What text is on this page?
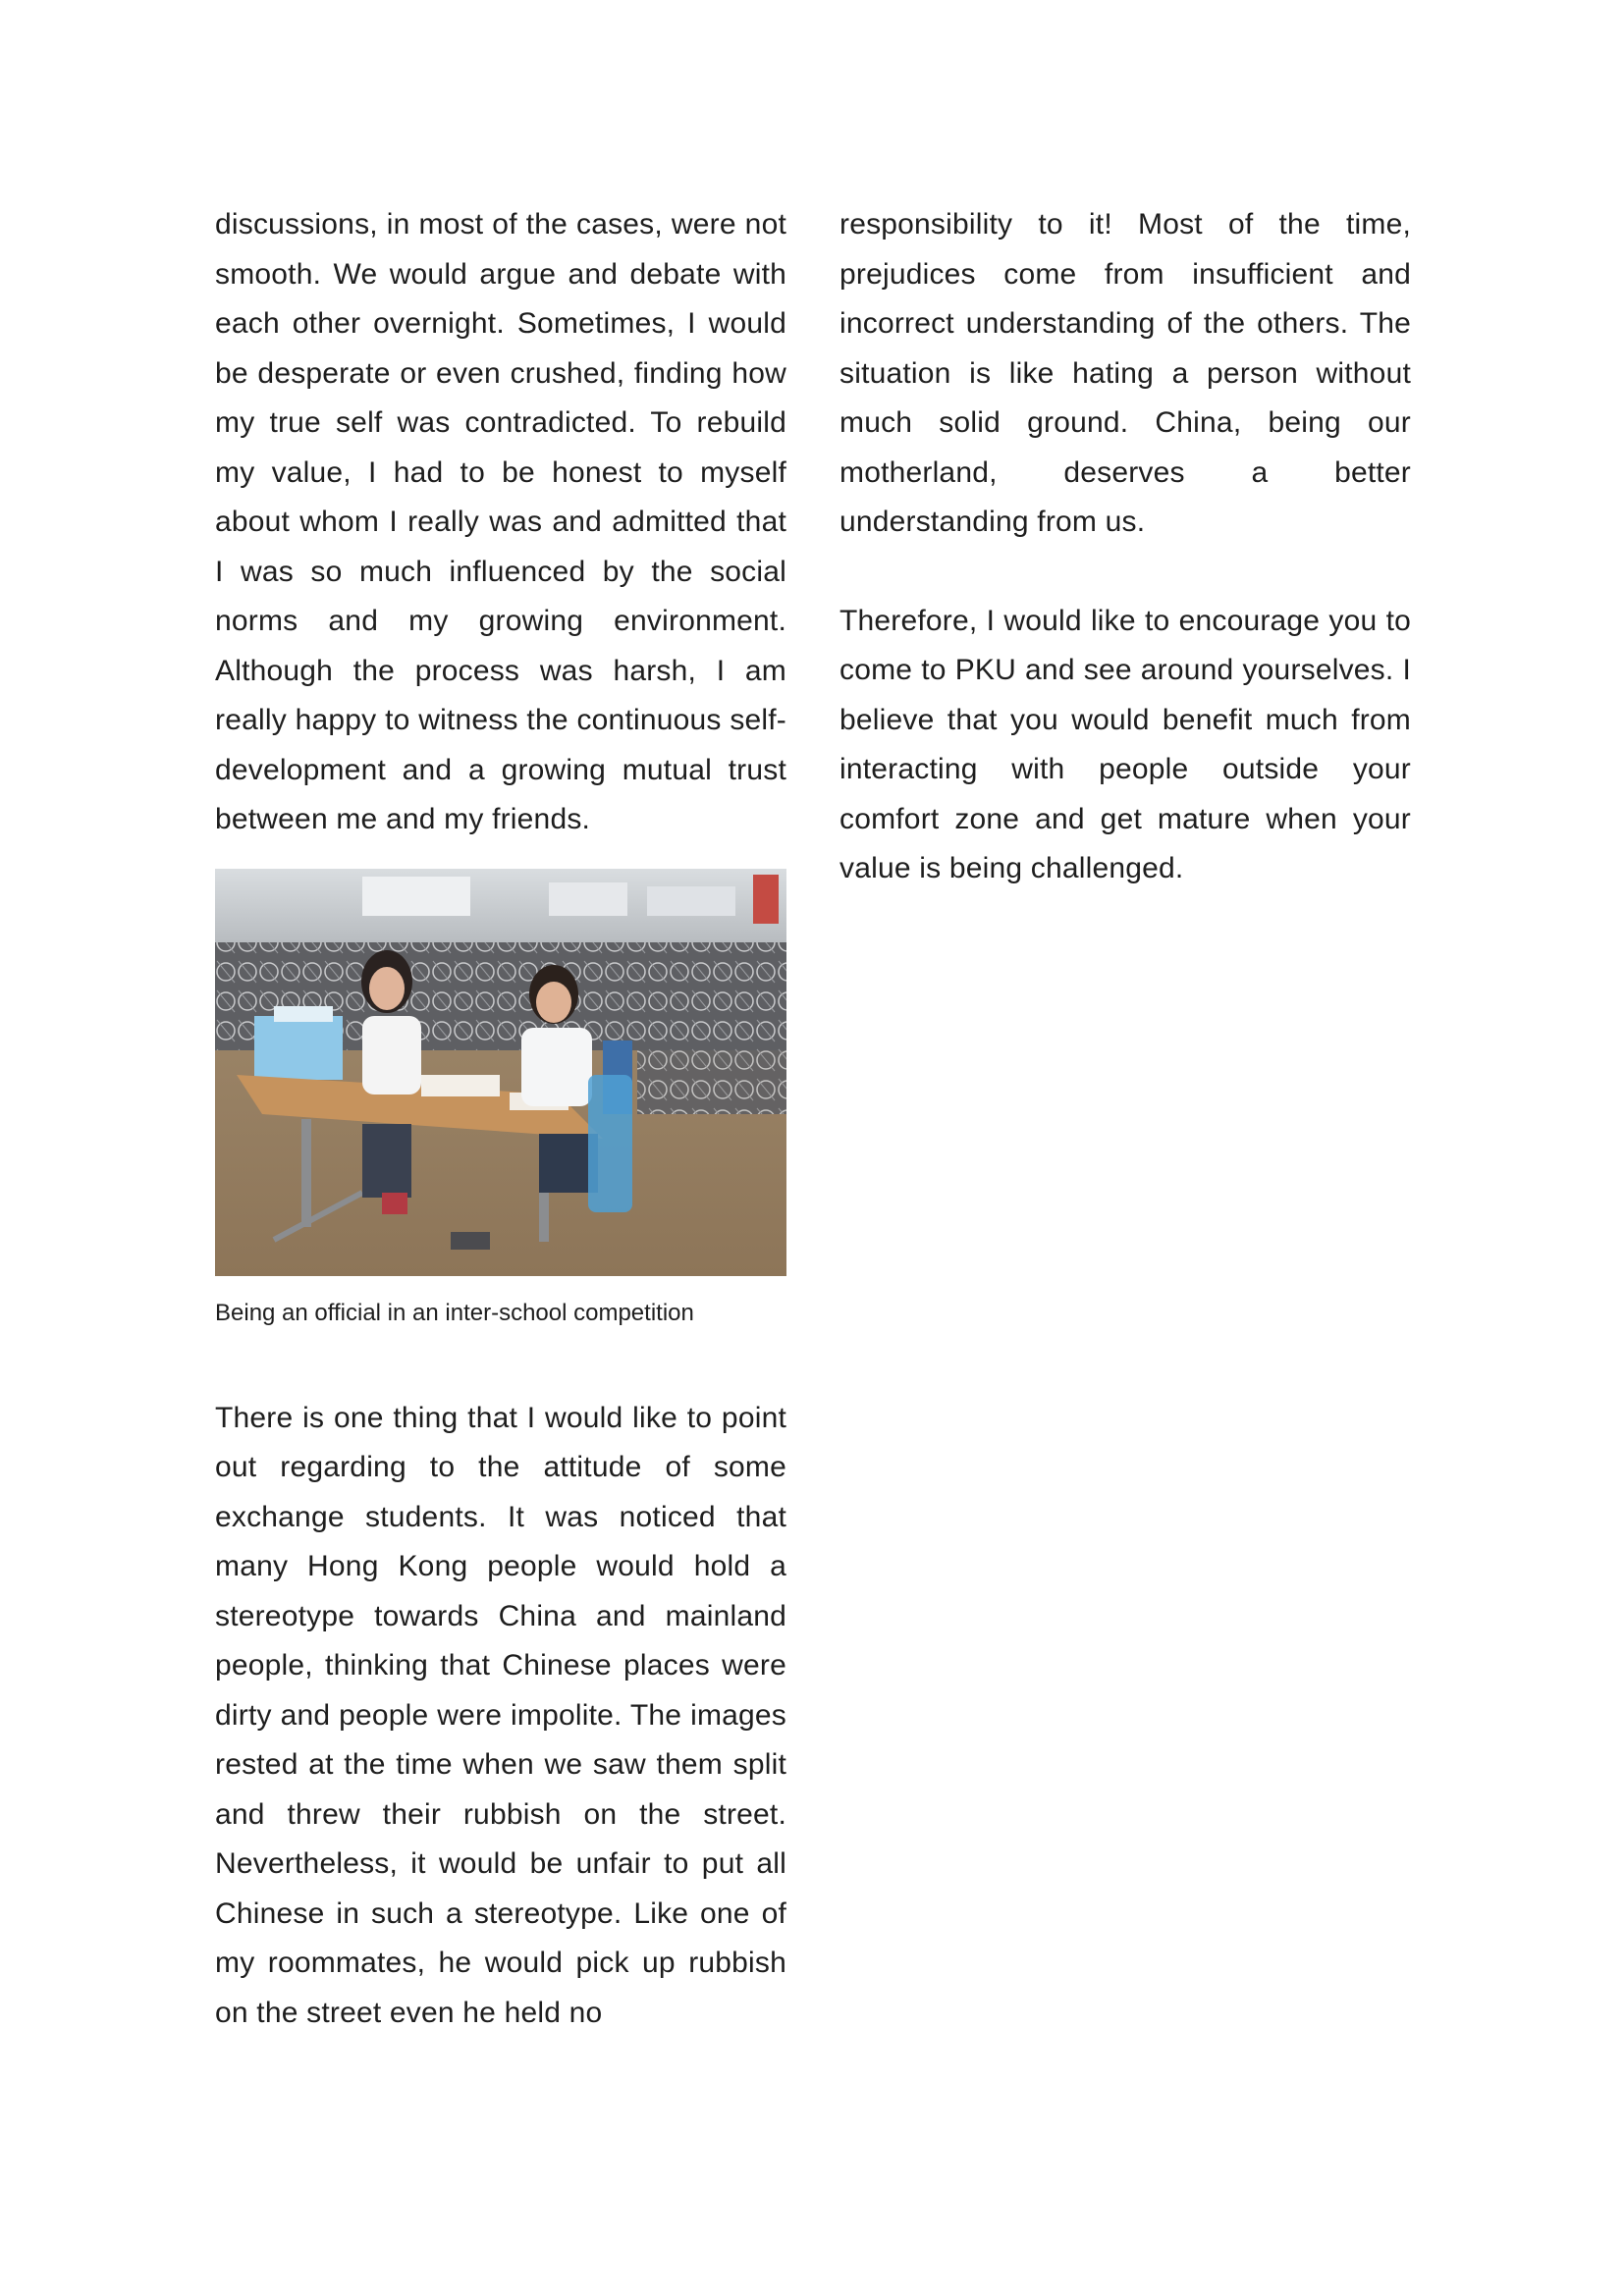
discussions, in most of the cases, were not smooth. We would argue and debate with each other overnight. Sometimes, I would be desperate or even crushed, finding how my true self was contradicted. To rebuild my value, I had to be honest to myself about whom I really was and admitted that I was so much influenced by the social norms and my growing environment. Although the process was harsh, I am really happy to witness the continuous self-development and a growing mutual trust between me and my friends.

Being an official in an inter-school competition

There is one thing that I would like to point out regarding to the attitude of some exchange students. It was noticed that many Hong Kong people would hold a stereotype towards China and mainland people, thinking that Chinese places were dirty and people were impolite. The images rested at the time when we saw them split and threw their rubbish on the street. Nevertheless, it would be unfair to put all Chinese in such a stereotype. Like one of my roommates, he would pick up rubbish on the street even he held no

responsibility to it! Most of the time, prejudices come from insufficient and incorrect understanding of the others. The situation is like hating a person without much solid ground. China, being our motherland, deserves a better understanding from us.

Therefore, I would like to encourage you to come to PKU and see around yourselves. I believe that you would benefit much from interacting with people outside your comfort zone and get mature when your value is being challenged.
